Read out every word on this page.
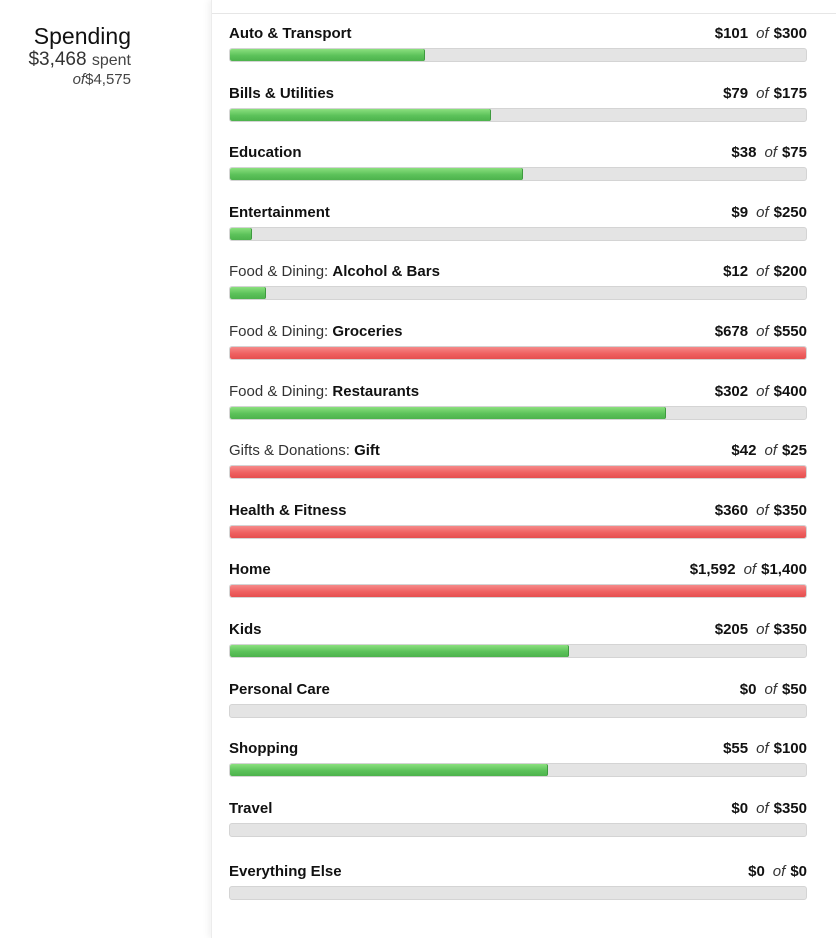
Spending
$3,468 spent
of$4,575
Auto & Transport	$101 of $300
Bills & Utilities	$79 of $175
Education	$38 of $75
Entertainment	$9 of $250
Food & Dining: Alcohol & Bars	$12 of $200
Food & Dining: Groceries	$678 of $550
Food & Dining: Restaurants	$302 of $400
Gifts & Donations: Gift	$42 of $25
Health & Fitness	$360 of $350
Home	$1,592 of $1,400
Kids	$205 of $350
Personal Care	$0 of $50
Shopping	$55 of $100
Travel	$0 of $350
Everything Else	$0 of $0
